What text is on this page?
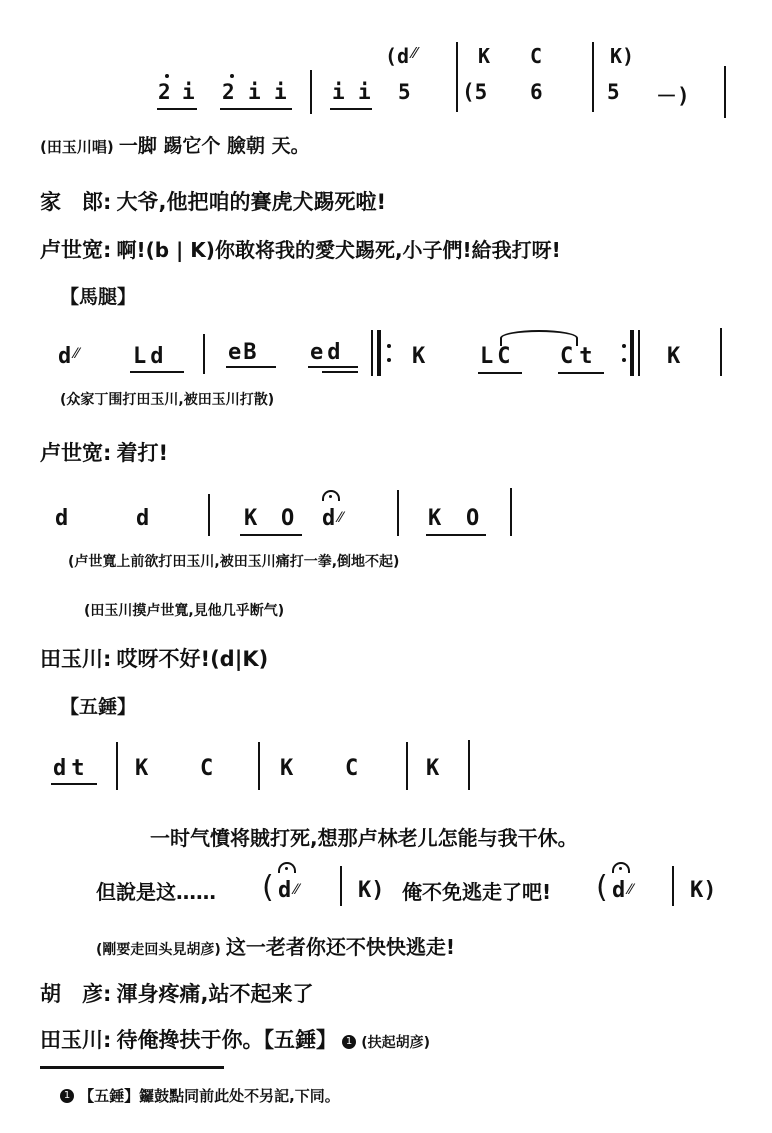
(d ⁄⁄	K C	K)
2 i 2 i i i i 5 (5 6	5 －)
(田玉川唱) 一脚 踢它个 臉朝 天。
家　郎: 大爷,他把咱的賽虎犬踢死啦!
卢世宽: 啊!(b | K)你敢将我的愛犬踢死,小子們!給我打呀!
【馬腿】
d ⁄⁄ Ld	eB ed	K LC Ct	K
(众家丁围打田玉川,被田玉川打散)
卢世宽: 着打!
d	d	K O d ⁄⁄	K O
(卢世寬上前欲打田玉川,被田玉川痛打一拳,倒地不起)
(田玉川摸卢世寬,見他几乎断气)
田玉川: 哎呀不好!(d|K)
【五錘】
dt K C	K C	K
一时气憤将賊打死,想那卢林老儿怎能与我干休。
但說是这…… ( d ⁄⁄	K) 俺不免逃走了吧! ( d ⁄⁄	K)
(剛要走回头見胡彦) 这一老者你还不快快逃走!
胡　彦: 渾身疼痛,站不起来了
田玉川: 待俺搀扶于你。【五錘】 1 (扶起胡彦)
1 【五錘】鑼鼓點同前此处不另記,下同。
